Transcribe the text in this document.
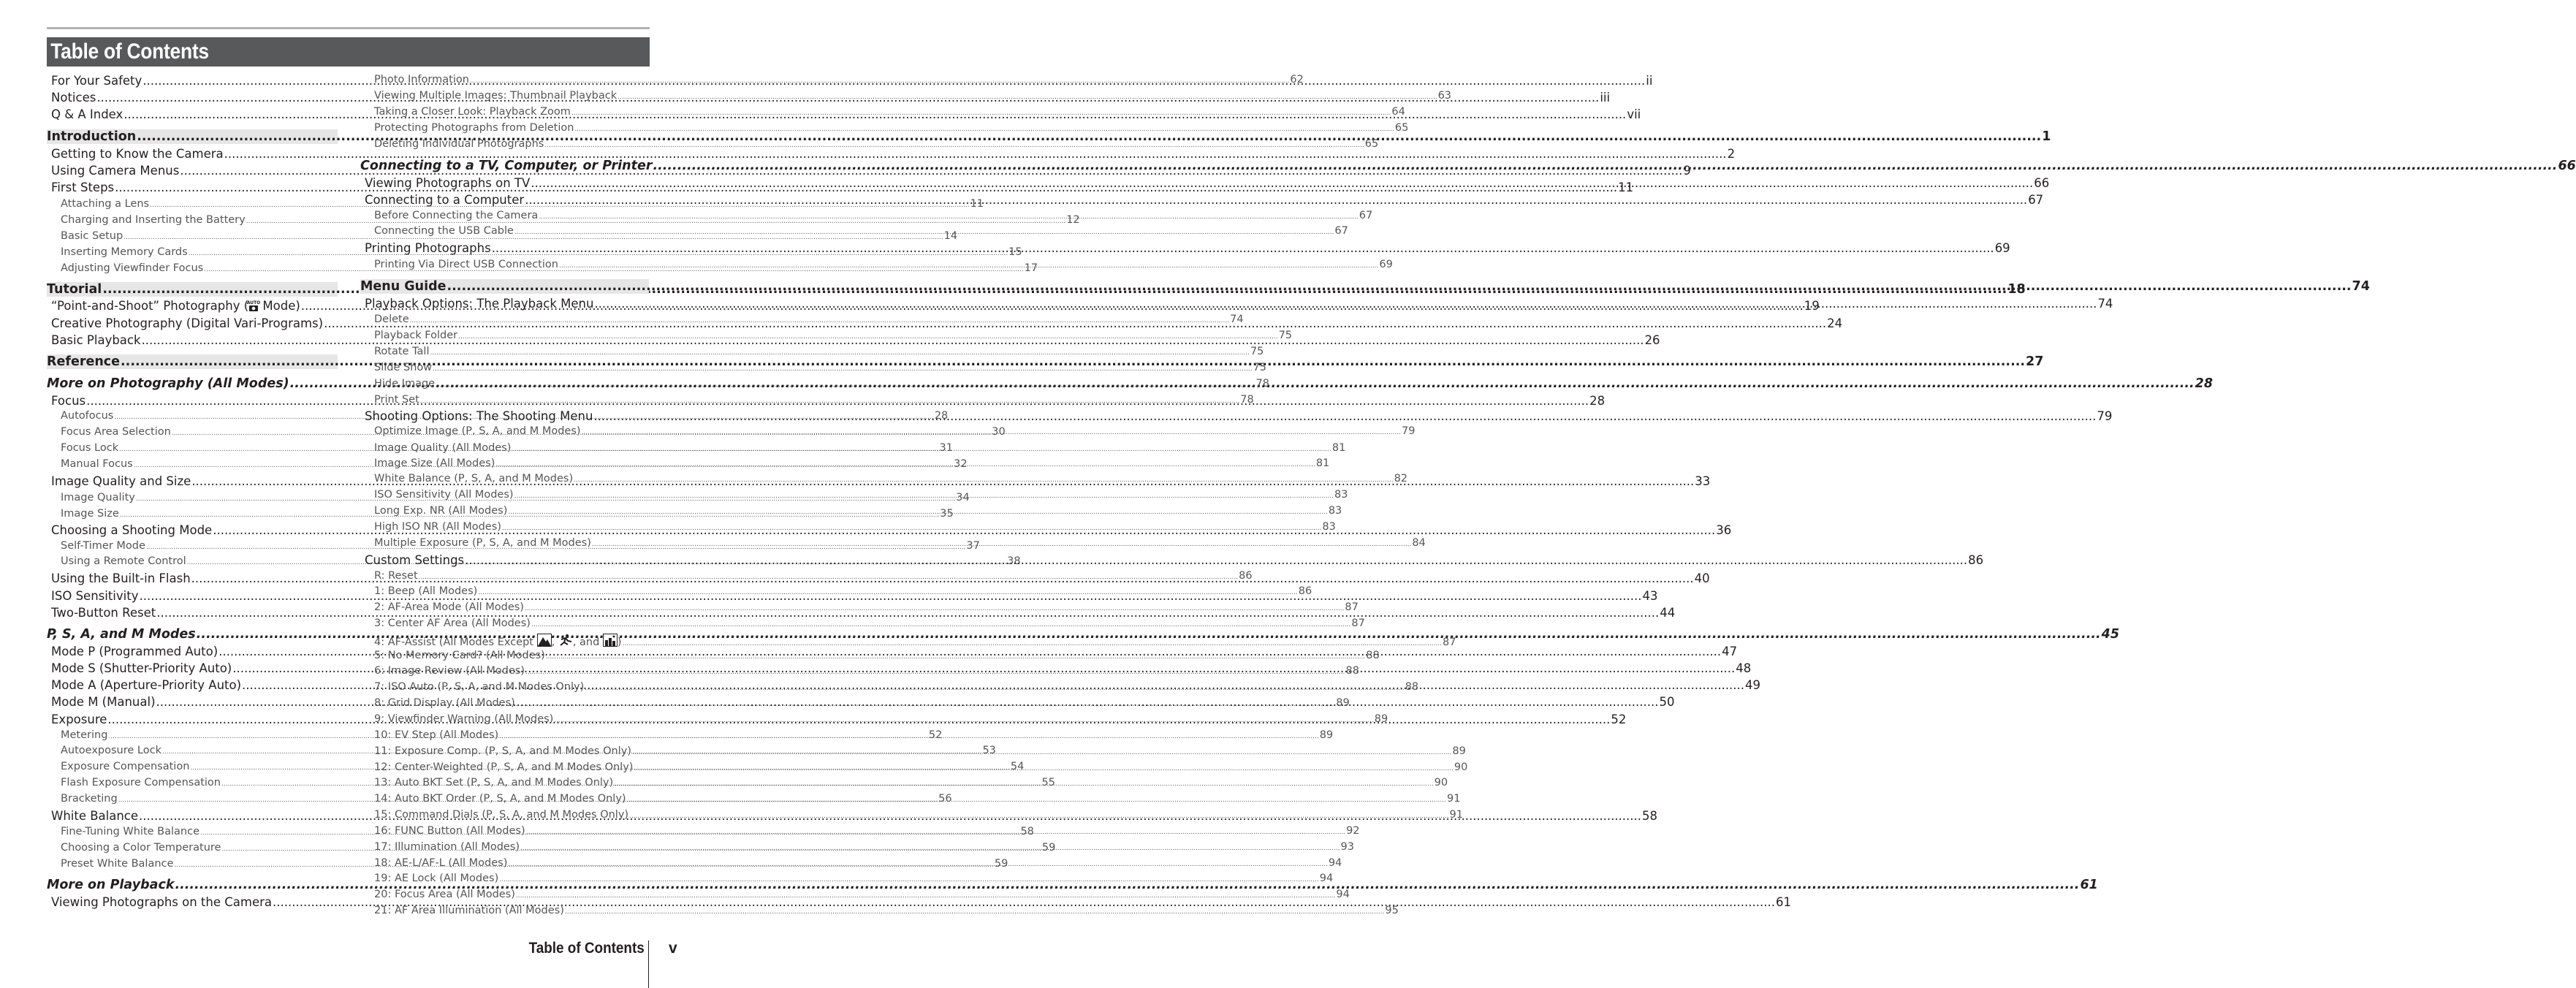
Table of Contents
For Your Safety .....	ii
Notices .....	iii
Q & A Index .....	vii
Introduction .....	1
Getting to Know the Camera .....	2
Using Camera Menus .....	9
First Steps .....	11
Attaching a Lens .....	11
Charging and Inserting the Battery .....	12
Basic Setup .....	14
Inserting Memory Cards .....	15
Adjusting Viewfinder Focus .....	17
Tutorial .....	18
“Point-and-Shoot” Photography (
AUTO
Mode) .....	19
Creative Photography (Digital Vari-Programs) .....	24
Basic Playback .....	26
Reference .....	27
More on Photography (All Modes) .....	28
Focus .....	28
Autofocus .....	28
Focus Area Selection .....	30
Focus Lock .....	31
Manual Focus .....	32
Image Quality and Size .....	33
Image Quality .....	34
Image Size .....	35
Choosing a Shooting Mode .....	36
Self-Timer Mode .....	37
Using a Remote Control .....	38
Using the Built-in Flash .....	40
ISO Sensitivity .....	43
Two-Button Reset .....	44
P, S, A, and M Modes .....	45
Mode P (Programmed Auto) .....	47
Mode S (Shutter-Priority Auto) .....	48
Mode A (Aperture-Priority Auto) .....	49
Mode M (Manual) .....	50
Exposure .....	52
Metering .....	52
Autoexposure Lock .....	53
Exposure Compensation .....	54
Flash Exposure Compensation .....	55
Bracketing .....	56
White Balance .....	58
Fine-Tuning White Balance .....	58
Choosing a Color Temperature .....	59
Preset White Balance .....	59
More on Playback .....	61
Viewing Photographs on the Camera .....	61
Photo Information .....	62
Viewing Multiple Images: Thumbnail Playback .....	63
Taking a Closer Look: Playback Zoom .....	64
Protecting Photographs from Deletion .....	65
Deleting Individual Photographs .....	65
Connecting to a TV, Computer, or Printer .....	66
Viewing Photographs on TV .....	66
Connecting to a Computer .....	67
Before Connecting the Camera .....	67
Connecting the USB Cable .....	67
Printing Photographs .....	69
Printing Via Direct USB Connection .....	69
Menu Guide .....	74
Playback Options: The Playback Menu .....	74
Delete .....	74
Playback Folder .....	75
Rotate Tall .....	75
Slide Show .....	75
Hide Image .....	78
Print Set .....	78
Shooting Options: The Shooting Menu .....	79
Optimize Image (P, S, A, and M Modes) .....	79
Image Quality (All Modes) .....	81
Image Size (All Modes) .....	81
White Balance (P, S, A, and M Modes) .....	82
ISO Sensitivity (All Modes) .....	83
Long Exp. NR (All Modes) .....	83
High ISO NR (All Modes) .....	83
Multiple Exposure (P, S, A, and M Modes) .....	84
Custom Settings .....	86
R: Reset .....	86
1: Beep (All Modes) .....	86
2: AF-Area Mode (All Modes) .....	87
3: Center AF Area (All Modes) .....	87
4: AF-Assist (All Modes Except , , and ) .....	87
5: No Memory Card? (All Modes) .....	88
6: Image Review (All Modes) .....	88
7: ISO Auto (P, S, A, and M Modes Only) .....	88
8: Grid Display (All Modes) .....	89
9: Viewfinder Warning (All Modes) .....	89
10: EV Step (All Modes) .....	89
11: Exposure Comp. (P, S, A, and M Modes Only) .....	89
12: Center-Weighted (P, S, A, and M Modes Only) .....	90
13: Auto BKT Set (P, S, A, and M Modes Only) .....	90
14: Auto BKT Order (P, S, A, and M Modes Only) .....	91
15: Command Dials (P, S, A, and M Modes Only) .....	91
16: FUNC Button (All Modes) .....	92
17: Illumination (All Modes) .....	93
18: AE-L/AF-L (All Modes) .....	94
19: AE Lock (All Modes) .....	94
20: Focus Area (All Modes) .....	94
21: AF Area Illumination (All Modes) .....	95
Table of Contents v
